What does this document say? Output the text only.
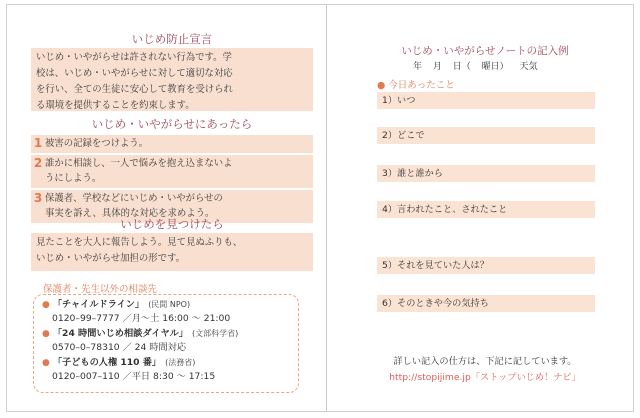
いじめ防止宣言
いじめ・いやがらせは許されない行為です。学
校は、いじめ・いやがらせに対して適切な対応
を行い、全ての生徒に安心して教育を受けられ
る環境を提供することを約束します。
いじめ・いやがらせにあったら
1 被害の記録をつけよう。
2 誰かに相談し、一人で悩みを抱え込まないよ
うにしよう。
3 保護者、学校などにいじめ・いやがらせの
事実を訴え、具体的な対応を求めよう。
いじめを見つけたら
見たことを大人に報告しよう。見て見ぬふりも、
いじめ・いやがらせ加担の形です。
保護者・先生以外の相談先
● 「チャイルドライン」 (民間 NPO)
0120–99–7777 ／月～土 16:00 ～ 21:00
● 「24 時間いじめ相談ダイヤル」 (文部科学省)
0570–0–78310 ／ 24 時間対応
● 「子どもの人権 110 番」 (法務省)
0120–007–110 ／平日 8:30 ～ 17:15
いじめ・いやがらせノートの記入例
年 月 日（ 曜日） 天気
● 今日あったこと
1）いつ
2）どこで
3）誰と誰から
4）言われたこと、されたこと
5）それを見ていた人は？
6）そのときや今の気持ち
詳しい記入の仕方は、下記に記しています。
http://stopijime.jp「ストップいじめ！ナビ」
